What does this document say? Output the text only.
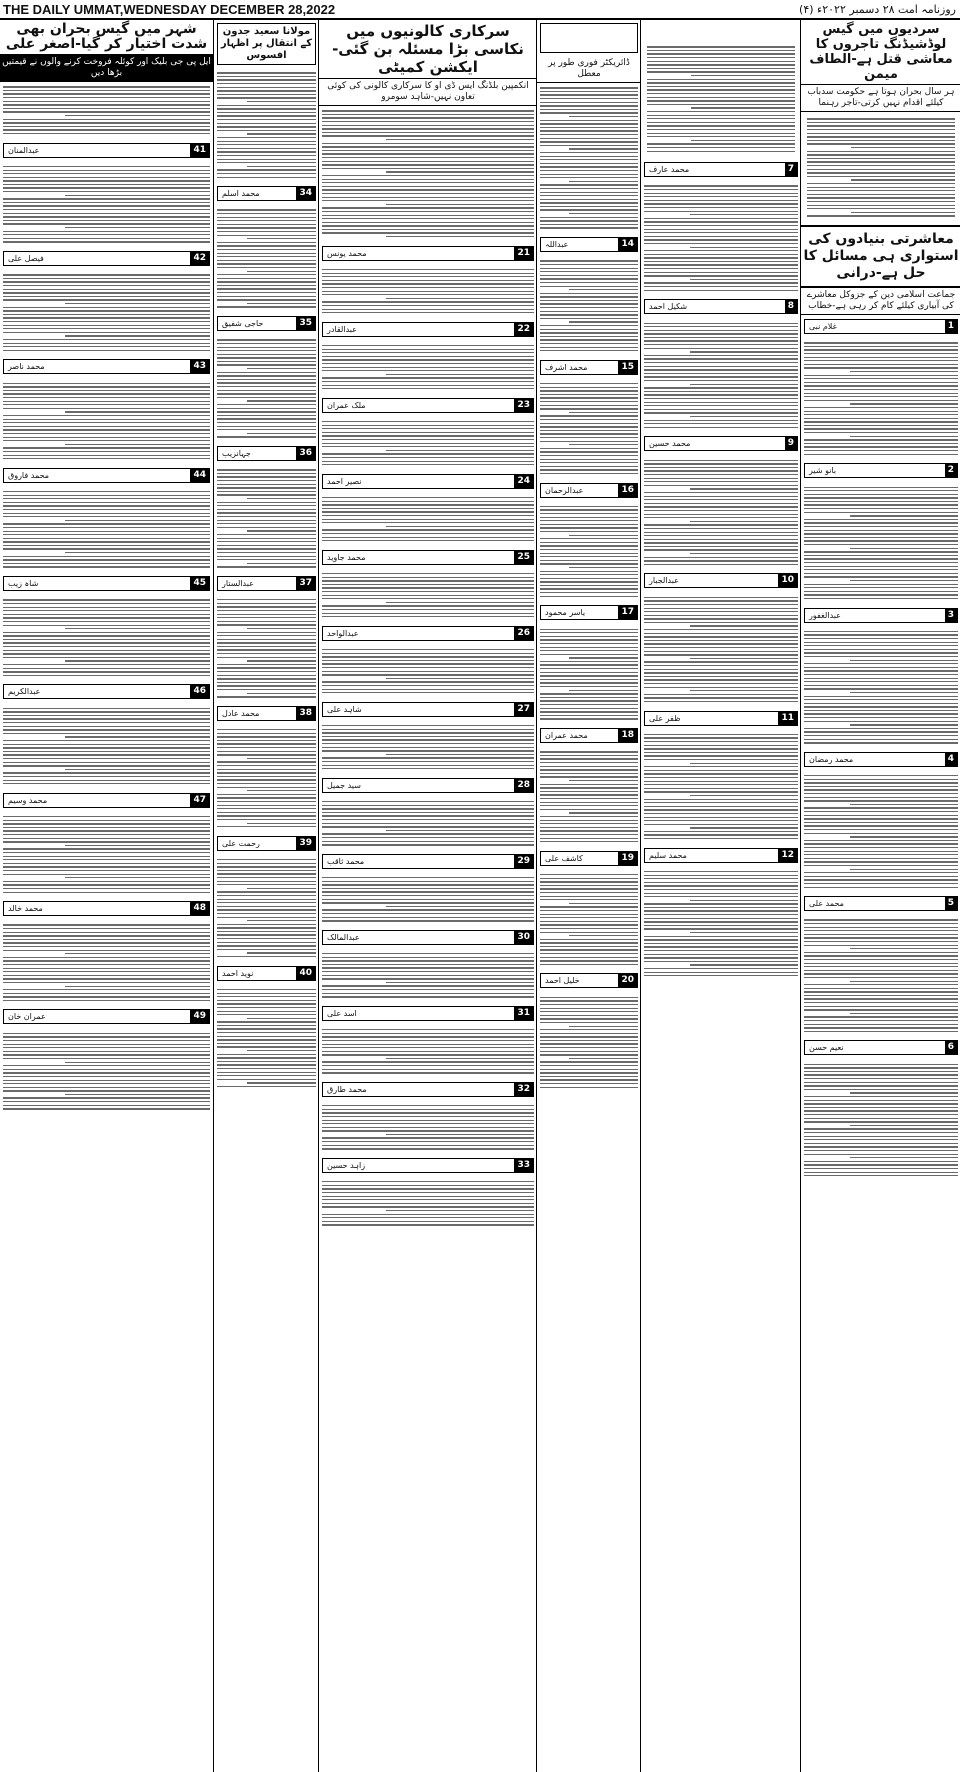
THE DAILY UMMAT,WEDNESDAY DECEMBER 28,2022	روزنامہ امت ۲۸ دسمبر ۲۰۲۲ء (۴)
سردیوں میں گیس لوڈشیڈنگ تاجروں کا معاشی قتل ہے-الطاف میمن
ہر سال بحران ہوتا ہے حکومت سدباب کیلئے اقدام نہیں کرتی-تاجر رہنما
معاشرتی بنیادوں کی استواری ہی مسائل کا حل ہے-درانی
جماعت اسلامی دین کے جزوکل معاشرے کی آبیاری کیلئے کام کر رہی ہے-خطاب
1
غلام نبی
2
بانو شیر
3
عبدالغفور
4
محمد رمضان
5
محمد علی
6
نعیم حسن
7
محمد عارف
8
شکیل احمد
9
محمد حسین
10
عبدالجبار
11
ظفر علی
12
محمد سلیم
بڑا انتظامی شکایات پر ایکشن
ڈائریکٹر فوری طور پر معطل
14
عبداللہ
15
محمد اشرف
16
عبدالرحمان
17
یاسر محمود
18
محمد عمران
19
کاشف علی
20
خلیل احمد
سرکاری کالونیوں میں نکاسی بڑا مسئلہ بن گئی-ایکشن کمیٹی
انکمپین بلڈنگ ایس ڈی او کا سرکاری کالونی کی کوئی تعاون نہیں-شاہد سومرو
21
محمد یونس
22
عبدالقادر
23
ملک عمران
24
نصیر احمد
25
محمد جاوید
26
عبدالواحد
27
شاہد علی
28
سید جمیل
29
محمد ثاقب
30
عبدالمالک
31
اسد علی
32
محمد طارق
33
زاہد حسین
مولانا سعید جدون کے انتقال پر اظہار افسوس
34
محمد اسلم
35
حاجی شفیق
36
جہانزیب
37
عبدالستار
38
محمد عادل
39
رحمت علی
40
نوید احمد
شہر میں گیس بحران بھی شدت اختیار کر گیا-اصغر علی
ایل پی جی بلیک اور کوئلہ فروخت کرنے والوں نے قیمتیں بڑھا دیں
41
عبدالمنان
42
فیصل علی
43
محمد ناصر
44
محمد فاروق
45
شاہ زیب
46
عبدالکریم
47
محمد وسیم
48
محمد خالد
49
عمران خان
